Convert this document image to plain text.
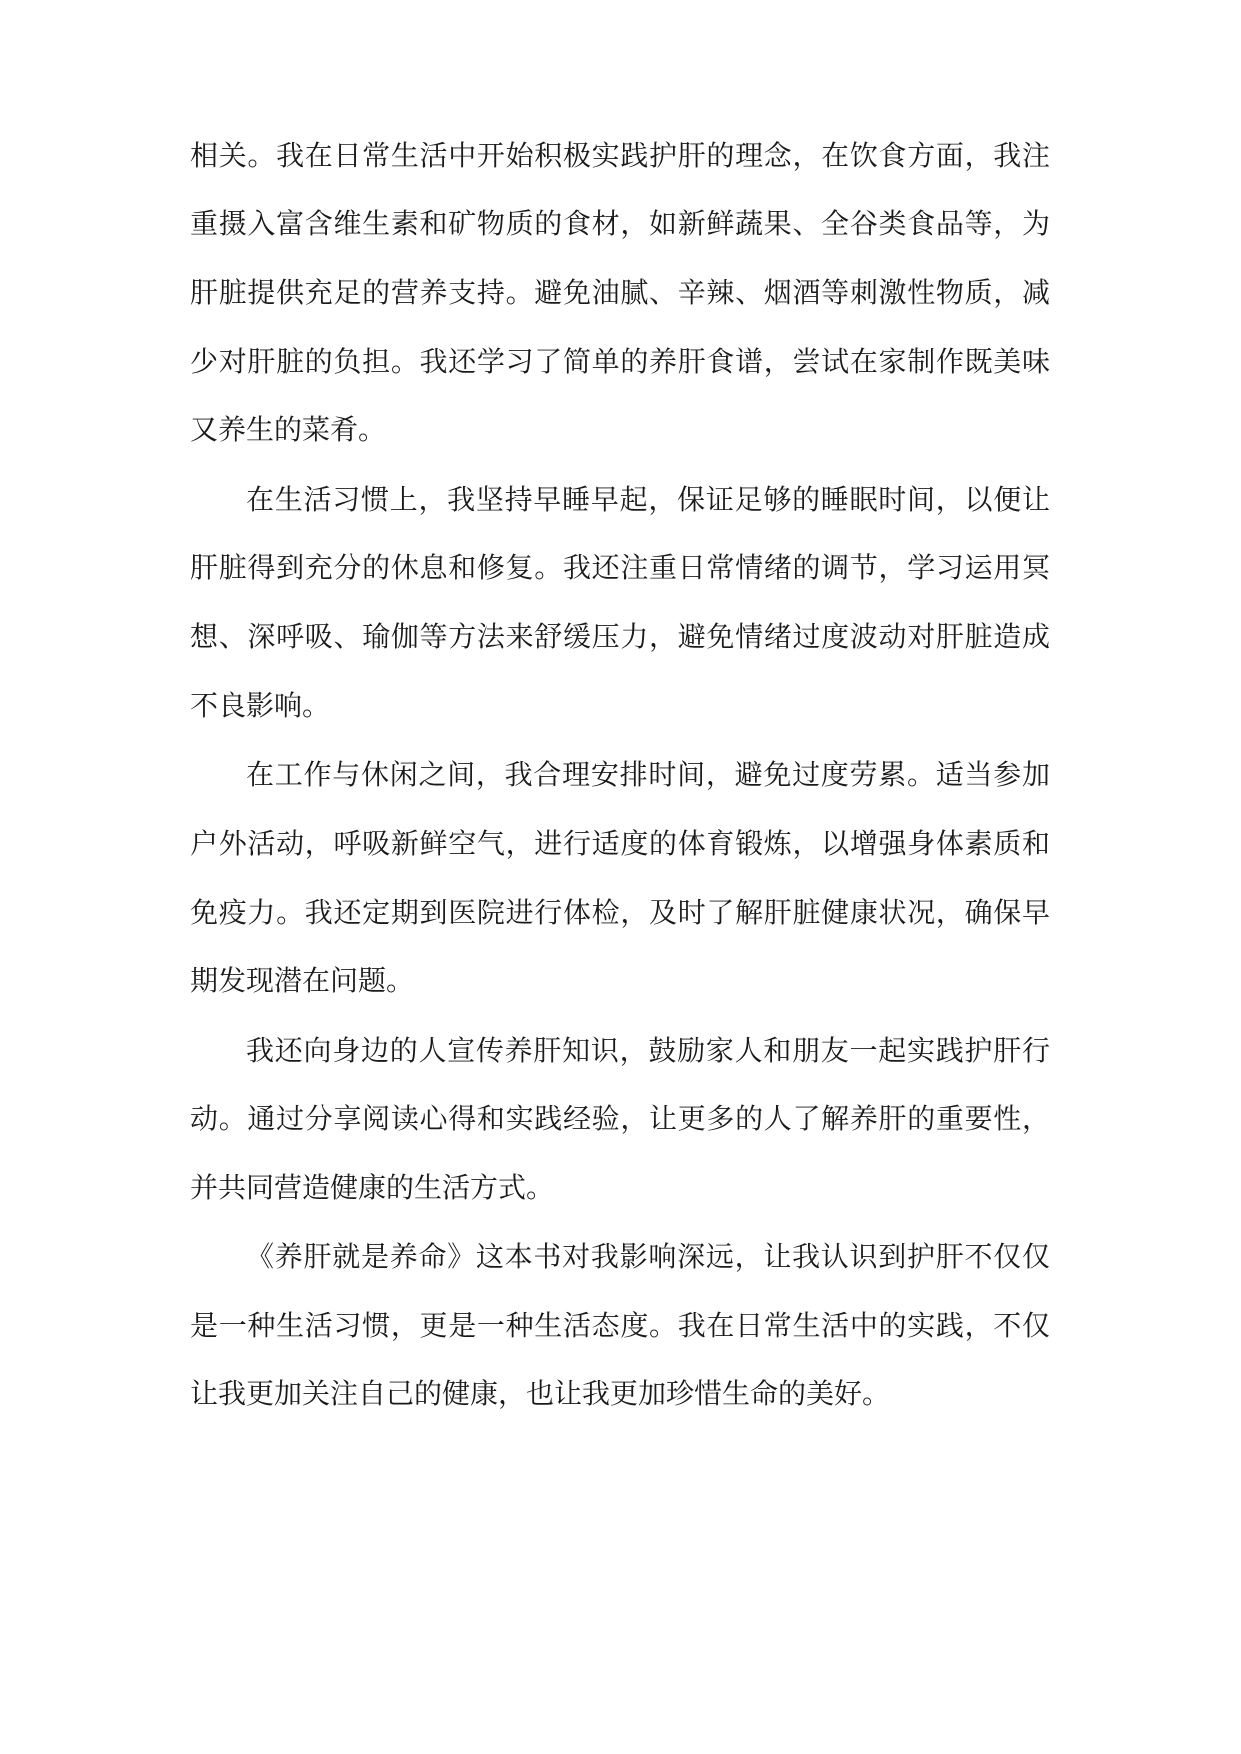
相关。我在日常生活中开始积极实践护肝的理念，在饮食方面，我注
重摄入富含维生素和矿物质的食材，如新鲜蔬果、全谷类食品等，为
肝脏提供充足的营养支持。避免油腻、辛辣、烟酒等刺激性物质，减
少对肝脏的负担。我还学习了简单的养肝食谱，尝试在家制作既美味
又养生的菜肴。
在生活习惯上，我坚持早睡早起，保证足够的睡眠时间，以便让
肝脏得到充分的休息和修复。我还注重日常情绪的调节，学习运用冥
想、深呼吸、瑜伽等方法来舒缓压力，避免情绪过度波动对肝脏造成
不良影响。
在工作与休闲之间，我合理安排时间，避免过度劳累。适当参加
户外活动，呼吸新鲜空气，进行适度的体育锻炼，以增强身体素质和
免疫力。我还定期到医院进行体检，及时了解肝脏健康状况，确保早
期发现潜在问题。
我还向身边的人宣传养肝知识，鼓励家人和朋友一起实践护肝行
动。通过分享阅读心得和实践经验，让更多的人了解养肝的重要性，
并共同营造健康的生活方式。
《养肝就是养命》这本书对我影响深远，让我认识到护肝不仅仅
是一种生活习惯，更是一种生活态度。我在日常生活中的实践，不仅
让我更加关注自己的健康，也让我更加珍惜生命的美好。
